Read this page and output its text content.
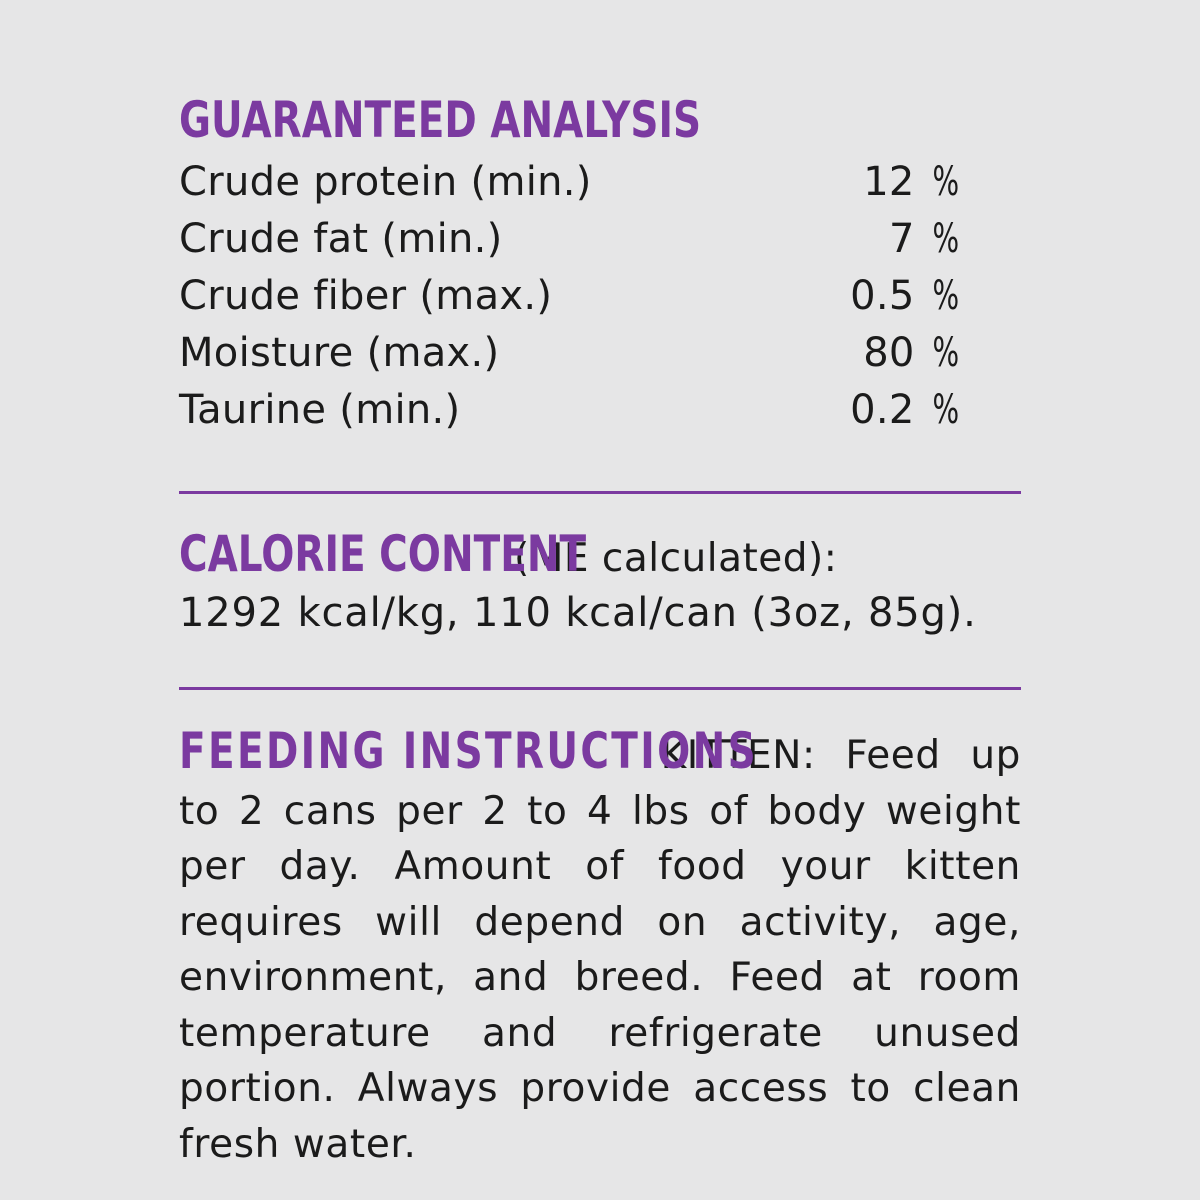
GUARANTEED ANALYSIS
Crude protein (min.)	12 %
Crude fat (min.)	7 %
Crude fiber (max.)	0.5 %
Moisture (max.)	80 %
Taurine (min.)	0.2 %
CALORIE CONTENT(ME calculated):
1292 kcal/kg, 110 kcal/can (3oz, 85g).
FEEDING INSTRUCTIONS KITTEN: Feed up to 2 cans per 2 to 4 lbs of body weight per day. Amount of food your kitten requires will depend on activity, age, environment, and breed. Feed at room temperature and refrigerate unused portion. Always provide access to clean fresh water.
